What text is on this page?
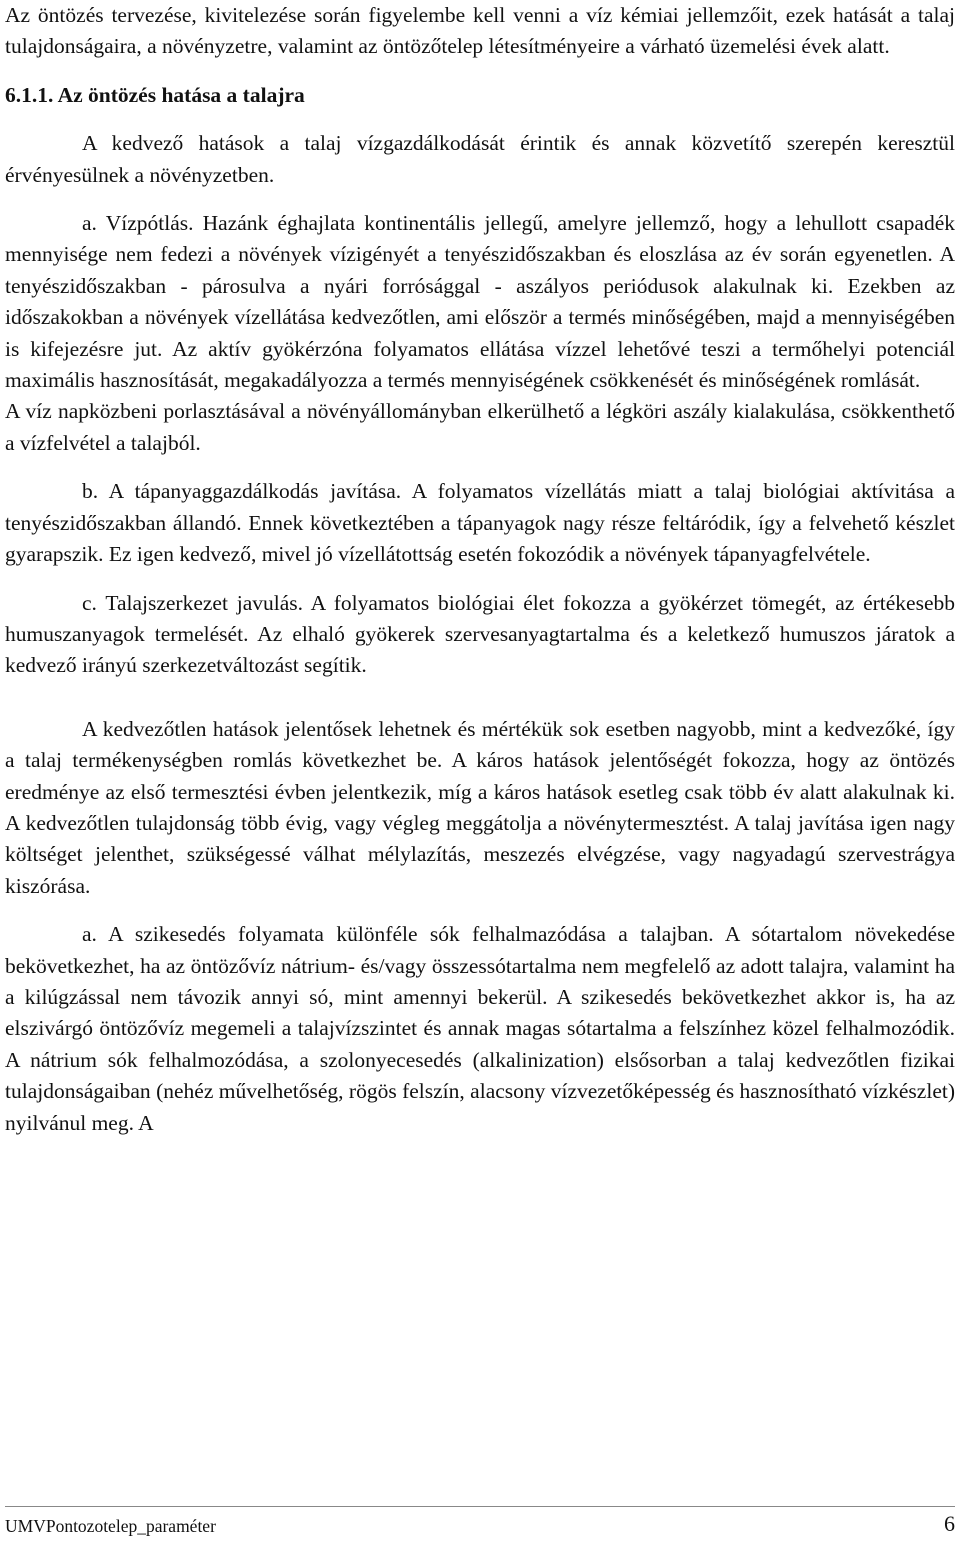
Az öntözés tervezése, kivitelezése során figyelembe kell venni a víz kémiai jellemzőit, ezek hatását a talaj tulajdonságaira, a növényzetre, valamint az öntözőtelep létesítményeire a várható üzemelési évek alatt.

6.1.1. Az öntözés hatása a talajra

A kedvező hatások a talaj vízgazdálkodását érintik és annak közvetítő szerepén keresztül érvényesülnek a növényzetben.

a. Vízpótlás. Hazánk éghajlata kontinentális jellegű, amelyre jellemző, hogy a lehullott csapadék mennyisége nem fedezi a növények vízigényét a tenyészidőszakban és eloszlása az év során egyenetlen. A tenyészidőszakban - párosulva a nyári forrósággal - aszályos periódusok alakulnak ki. Ezekben az időszakokban a növények vízellátása kedvezőtlen, ami először a termés minőségében, majd a mennyiségében is kifejezésre jut. Az aktív gyökérzóna folyamatos ellátása vízzel lehetővé teszi a termőhelyi potenciál maximális hasznosítását, megakadályozza a termés mennyiségének csökkenését és minőségének romlását.

A víz napközbeni porlasztásával a növényállományban elkerülhető a légköri aszály kialakulása, csökkenthető a vízfelvétel a talajból.

b. A tápanyaggazdálkodás javítása. A folyamatos vízellátás miatt a talaj biológiai aktívitása a tenyészidőszakban állandó. Ennek következtében a tápanyagok nagy része feltáródik, így a felvehető készlet gyarapszik. Ez igen kedvező, mivel jó vízellátottság esetén fokozódik a növények tápanyagfelvétele.

c. Talajszerkezet javulás. A folyamatos biológiai élet fokozza a gyökérzet tömegét, az értékesebb humuszanyagok termelését. Az elhaló gyökerek szervesanyagtartalma és a keletkező humuszos járatok a kedvező irányú szerkezetváltozást segítik.

A kedvezőtlen hatások jelentősek lehetnek és mértékük sok esetben nagyobb, mint a kedvezőké, így a talaj termékenységben romlás következhet be. A káros hatások jelentőségét fokozza, hogy az öntözés eredménye az első termesztési évben jelentkezik, míg a káros hatások esetleg csak több év alatt alakulnak ki. A kedvezőtlen tulajdonság több évig, vagy végleg meggátolja a növénytermesztést. A talaj javítása igen nagy költséget jelenthet, szükségessé válhat mélylazítás, meszezés elvégzése, vagy nagyadagú szervestrágya kiszórása.

a. A szikesedés folyamata különféle sók felhalmazódása a talajban. A sótartalom növekedése bekövetkezhet, ha az öntözővíz nátrium- és/vagy összessótartalma nem megfelelő az adott talajra, valamint ha a kilúgzással nem távozik annyi só, mint amennyi bekerül. A szikesedés bekövetkezhet akkor is, ha az elszivárgó öntözővíz megemeli a talajvízszintet és annak magas sótartalma a felszínhez közel felhalmozódik. A nátrium sók felhalmozódása, a szolonyecesedés (alkalinization) elsősorban a talaj kedvezőtlen fizikai tulajdonságaiban (nehéz művelhetőség, rögös felszín, alacsony vízvezetőképesség és hasznosítható vízkészlet) nyilvánul meg. A

UMVPontozotelep_paraméter	6
